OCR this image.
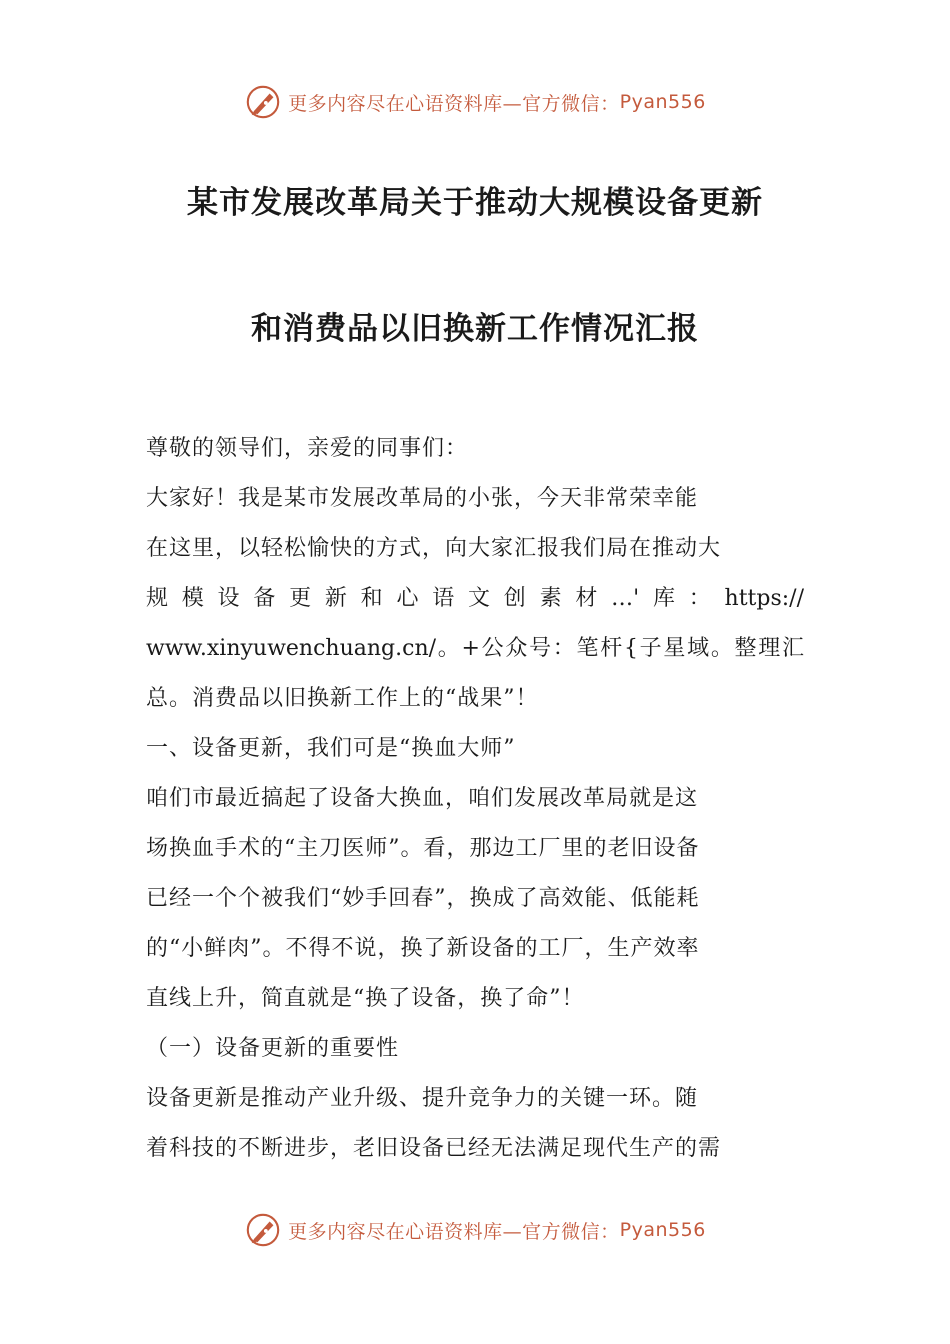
更多内容尽在心语资料库—官方微信： Pyan556
某市发展改革局关于推动大规模设备更新
和消费品以旧换新工作情况汇报
尊敬的领导们，亲爱的同事们：
大家好！我是某市发展改革局的小张，今天非常荣幸能
在这里，以轻松愉快的方式，向大家汇报我们局在推动大
规模设备更新和心语文创素材…'库：https://
www.xinyuwenchuang.cn/。+公众号：笔杆{子星域。整理汇
总。消费品以旧换新工作上的“战果”！
一、设备更新，我们可是“换血大师”
咱们市最近搞起了设备大换血，咱们发展改革局就是这
场换血手术的“主刀医师”。看，那边工厂里的老旧设备
已经一个个被我们“妙手回春”，换成了高效能、低能耗
的“小鲜肉”。不得不说，换了新设备的工厂，生产效率
直线上升，简直就是“换了设备，换了命”！
（一）设备更新的重要性
设备更新是推动产业升级、提升竞争力的关键一环。随
着科技的不断进步，老旧设备已经无法满足现代生产的需
更多内容尽在心语资料库—官方微信： Pyan556
